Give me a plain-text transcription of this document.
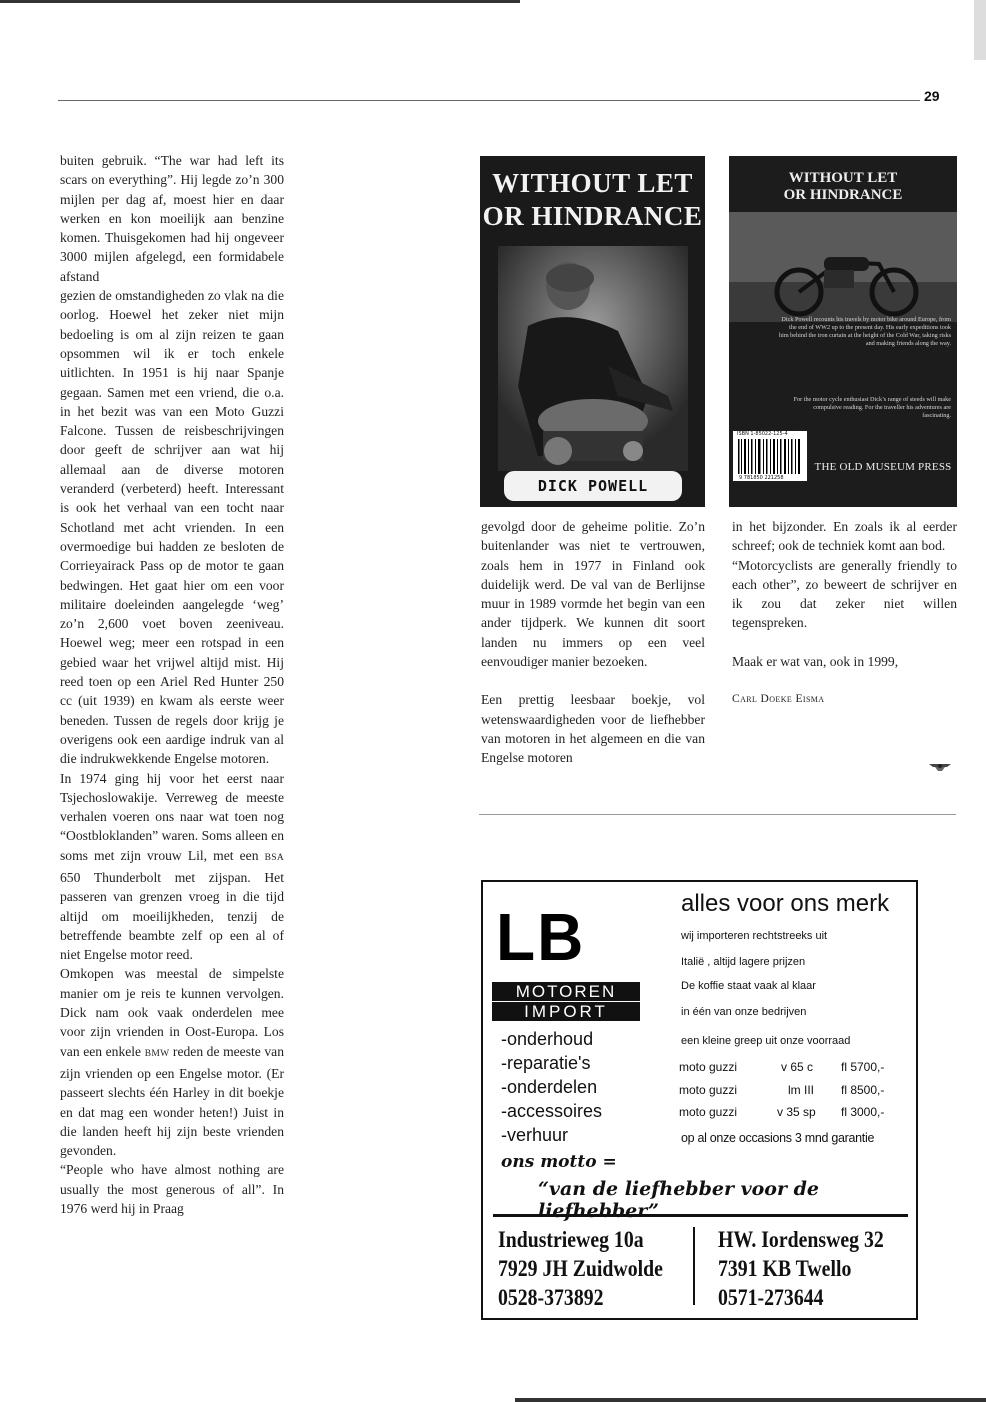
29

buiten gebruik. “The war had left its scars on everything”. Hij legde zo’n 300 mijlen per dag af, moest hier en daar werken en kon moeilijk aan benzine komen. Thuisgekomen had hij ongeveer 3000 mijlen afgelegd, een formidabele afstand

gezien de omstandigheden zo vlak na die oorlog. Hoewel het zeker niet mijn bedoeling is om al zijn reizen te gaan opsommen wil ik er toch enkele uitlichten. In 1951 is hij naar Spanje gegaan. Samen met een vriend, die o.a. in het bezit was van een Moto Guzzi Falcone. Tussen de reisbeschrijvingen door geeft de schrijver aan wat hij allemaal aan de diverse motoren veranderd (verbeterd) heeft. Interessant is ook het verhaal van een tocht naar Schotland met acht vrienden. In een overmoedige bui hadden ze besloten de Corrieyairack Pass op de motor te gaan bedwingen. Het gaat hier om een voor militaire doeleinden aangelegde ‘weg’ zo’n 2,600 voet boven zeeniveau. Hoewel weg; meer een rotspad in een gebied waar het vrijwel altijd mist. Hij reed toen op een Ariel Red Hunter 250 cc (uit 1939) en kwam als eerste weer beneden. Tussen de regels door krijg je overigens ook een aardige indruk van al die indrukwekkende Engelse motoren.

In 1974 ging hij voor het eerst naar Tsjechoslowakije. Verreweg de meeste verhalen voeren ons naar wat toen nog “Oostbloklanden” waren. Soms alleen en soms met zijn vrouw Lil, met een BSA 650 Thunderbolt met zijspan. Het passeren van grenzen vroeg in die tijd altijd om moeilijkheden, tenzij de betreffende beambte zelf op een al of niet Engelse motor reed.

Omkopen was meestal de simpelste manier om je reis te kunnen vervolgen. Dick nam ook vaak onderdelen mee voor zijn vrienden in Oost-Europa. Los van een enkele BMW reden de meeste van zijn vrienden op een Engelse motor. (Er passeert slechts één Harley in dit boekje en dat mag een wonder heten!) Juist in die landen heeft hij zijn beste vrienden gevonden.

“People who have almost nothing are usually the most generous of all”. In 1976 werd hij in Praag

WITHOUT LET
OR HINDRANCE
DICK POWELL
WITHOUT LET
OR HINDRANCE
Dick Powell recounts his travels by motor bike around Europe, from the end of WW2 up to the present day. His early expeditions took him behind the iron curtain at the height of the Cold War, taking risks and making friends along the way.
For the motor cycle enthusiast Dick’s range of steeds will make compulsive reading. For the traveller his adventures are fascinating.
ISBN 1-85022-125-4
9 781850 221258
THE OLD MUSEUM PRESS

gevolgd door de geheime politie. Zo’n buitenlander was niet te vertrouwen, zoals hem in 1977 in Finland ook duidelijk werd. De val van de Berlijnse muur in 1989 vormde het begin van een ander tijdperk. We kunnen dit soort landen nu immers op een veel eenvoudiger manier bezoeken.

Een prettig leesbaar boekje, vol wetenswaardigheden voor de liefhebber van motoren in het algemeen en die van Engelse motoren

in het bijzonder. En zoals ik al eerder schreef; ook de techniek komt aan bod.

“Motorcyclists are generally friendly to each other”, zo beweert de schrijver en ik zou dat zeker niet willen tegenspreken.

Maak er wat van, ook in 1999,

Carl Doeke Eisma

LB
MOTOREN
IMPORT
-onderhoud
-reparatie's
-onderdelen
-accessoires
-verhuur
alles voor ons merk
wij importeren rechtstreeks uit
Italië , altijd lagere prijzen
De koffie staat vaak al klaar
in één van onze bedrijven
een kleine greep uit onze voorraad
moto guzzi	v 65 c fl 5700,-
moto guzzi	lm III fl 8500,-
moto guzzi	v 35 sp fl 3000,-
op al onze occasions 3 mnd garantie
ons motto =
“van de liefhebber voor de liefhebber”
Industrieweg 10a
7929 JH Zuidwolde
0528-373892
HW. Iordensweg 32
7391 KB Twello
0571-273644
